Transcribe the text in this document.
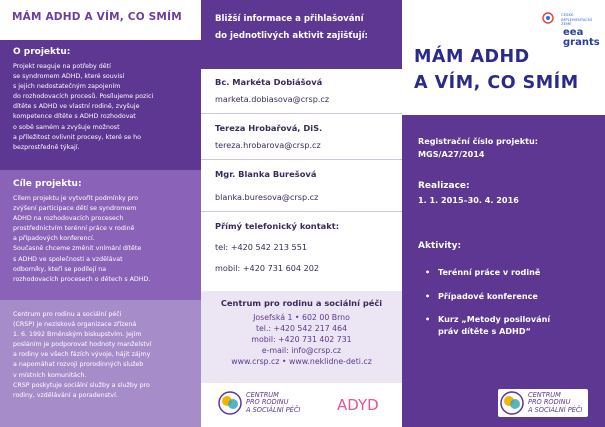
MÁM ADHD A VÍM, CO SMÍM
O projektu:
Projekt reaguje na potřeby dětí
se syndromem ADHD, které souvisí
s jejich nedostatečným zapojením
do rozhodovacích procesů. Posílujeme pozici
dítěte s ADHD ve vlastní rodině, zvyšuje
kompetence dítěte s ADHD rozhodovat
o sobě samém a zvyšuje možnost
a příležitost ovlivnit procesy, které se ho
bezprostředně týkají.
Cíle projektu:
Cílem projektu je vytvořit podmínky pro
zvýšení participace dětí se syndromem
ADHD na rozhodovacích procesech
prostřednictvím terénní práce v rodině
a případových konferencí.
Současně chceme změnit vnímání dítěte
s ADHD ve společnosti a vzdělávat
odborníky, kteří se podílejí na
rozhodovacích procesech o dětech s ADHD.
Centrum pro rodinu a sociální péči
(CRSP) je nezisková organizace zřízená
1. 6. 1992 Brněnským biskupstvím. Jejím
posláním je podporovat hodnoty manželství
a rodiny ve všech fázích vývoje, hájit zájmy
a napomáhat rozvoji prorodinných služeb
v místních komunitách.
CRSP poskytuje sociální služby a služby pro
rodiny, vzdělávání a poradenství.
Bližší informace a přihlašování
do jednotlivých aktivit zajišťují:
Bc. Markéta Dobiášová
marketa.dobiasova@crsp.cz
Tereza Hrobařová, DiS.
tereza.hrobarova@crsp.cz
Mgr. Blanka Burešová
blanka.buresova@crsp.cz
Přímý telefonický kontakt:
tel: +420 542 213 551
mobil: +420 731 604 202
Centrum pro rodinu a sociální péči
Josefská 1 • 602 00 Brno
tel.: +420 542 217 464
mobil: +420 731 402 731
e-mail: info@crsp.cz
www.crsp.cz • www.neklidne-deti.cz
CENTRUM
PRO RODINU
A SOCIÁLNÍ PÉČI ADYD
ČESKÉ
IMPLEMENTAČNÍ
ZEMĚ
eea
grants
MÁM ADHD
A VÍM, CO SMÍM
Registrační číslo projektu:
MGS/A27/2014
Realizace:
1. 1. 2015–30. 4. 2016
Aktivity:
• Terénní práce v rodině
• Případové konference
• Kurz „Metody posilování
práv dítěte s ADHD“
CENTRUM
PRO RODINU
A SOCIÁLNÍ PÉČI
